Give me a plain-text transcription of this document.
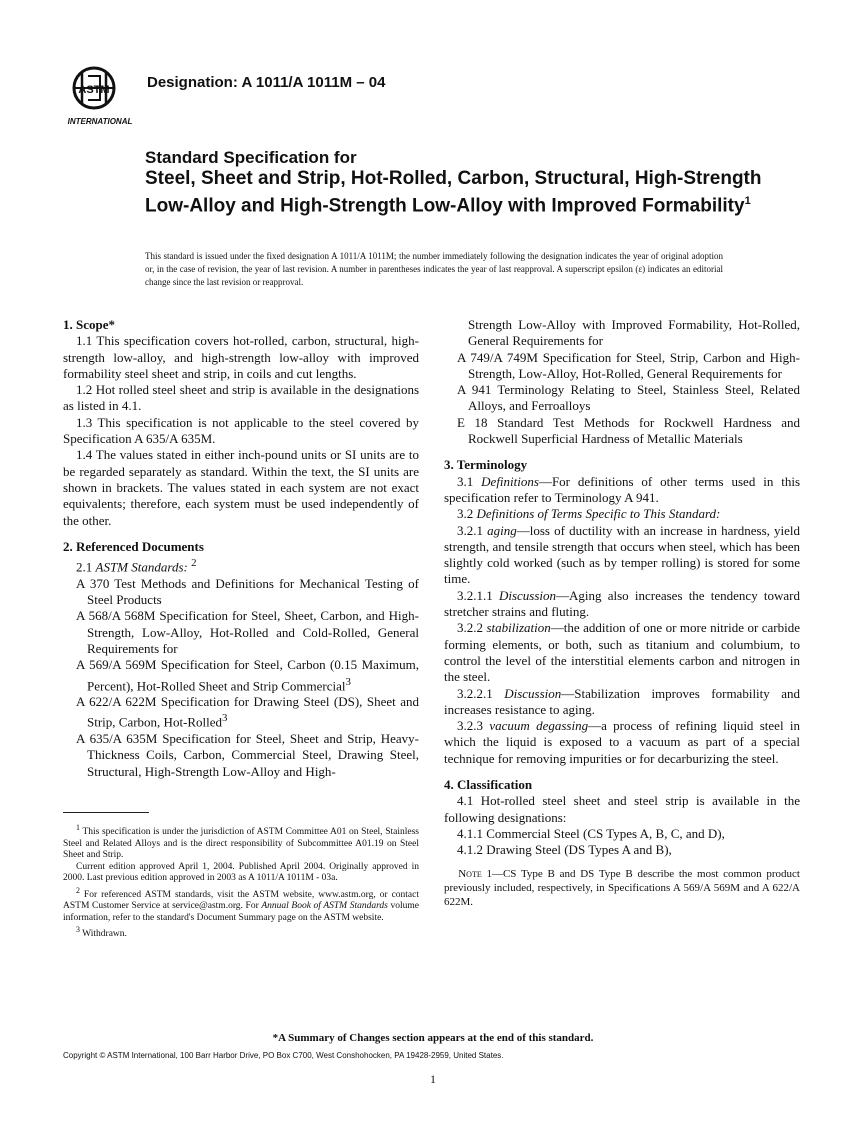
ASTM
INTERNATIONAL
Designation: A 1011/A 1011M – 04
Standard Specification for
Steel, Sheet and Strip, Hot-Rolled, Carbon, Structural, High-Strength Low-Alloy and High-Strength Low-Alloy with Improved Formability$^1$
This standard is issued under the fixed designation A 1011/A 1011M; the number immediately following the designation indicates the year of original adoption or, in the case of revision, the year of last revision. A number in parentheses indicates the year of last reapproval. A superscript epsilon (ε) indicates an editorial change since the last revision or reapproval.

1. Scope*

1.1 This specification covers hot-rolled, carbon, structural, high-strength low-alloy, and high-strength low-alloy with improved formability steel sheet and strip, in coils and cut lengths.

1.2 Hot rolled steel sheet and strip is available in the designations as listed in 4.1.

1.3 This specification is not applicable to the steel covered by Specification A 635/A 635M.

1.4 The values stated in either inch-pound units or SI units are to be regarded separately as standard. Within the text, the SI units are shown in brackets. The values stated in each system are not exact equivalents; therefore, each system must be used independently of the other.

2. Referenced Documents

2.1 ASTM Standards: $^2$

A 370 Test Methods and Definitions for Mechanical Testing of Steel Products

A 568/A 568M Specification for Steel, Sheet, Carbon, and High-Strength, Low-Alloy, Hot-Rolled and Cold-Rolled, General Requirements for

A 569/A 569M Specification for Steel, Carbon (0.15 Maximum, Percent), Hot-Rolled Sheet and Strip Commercial$^3$

A 622/A 622M Specification for Drawing Steel (DS), Sheet and Strip, Carbon, Hot-Rolled$^3$

A 635/A 635M Specification for Steel, Sheet and Strip, Heavy-Thickness Coils, Carbon, Commercial Steel, Drawing Steel, Structural, High-Strength Low-Alloy and High-

Strength Low-Alloy with Improved Formability, Hot-Rolled, General Requirements for

A 749/A 749M Specification for Steel, Strip, Carbon and High-Strength, Low-Alloy, Hot-Rolled, General Requirements for

A 941 Terminology Relating to Steel, Stainless Steel, Related Alloys, and Ferroalloys

E 18 Standard Test Methods for Rockwell Hardness and Rockwell Superficial Hardness of Metallic Materials

3. Terminology

3.1 Definitions—For definitions of other terms used in this specification refer to Terminology A 941.

3.2 Definitions of Terms Specific to This Standard:

3.2.1 aging—loss of ductility with an increase in hardness, yield strength, and tensile strength that occurs when steel, which has been slightly cold worked (such as by temper rolling) is stored for some time.

3.2.1.1 Discussion—Aging also increases the tendency toward stretcher strains and fluting.

3.2.2 stabilization—the addition of one or more nitride or carbide forming elements, or both, such as titanium and columbium, to control the level of the interstitial elements carbon and nitrogen in the steel.

3.2.2.1 Discussion—Stabilization improves formability and increases resistance to aging.

3.2.3 vacuum degassing—a process of refining liquid steel in which the liquid is exposed to a vacuum as part of a special technique for removing impurities or for decarburizing the steel.

4. Classification

4.1 Hot-rolled steel sheet and steel strip is available in the following designations:

4.1.1 Commercial Steel (CS Types A, B, C, and D),

4.1.2 Drawing Steel (DS Types A and B),

Note 1—CS Type B and DS Type B describe the most common product previously included, respectively, in Specifications A 569/A 569M and A 622/A 622M.

$^1$ This specification is under the jurisdiction of ASTM Committee A01 on Steel, Stainless Steel and Related Alloys and is the direct responsibility of Subcommittee A01.19 on Steel Sheet and Strip.

Current edition approved April 1, 2004. Published April 2004. Originally approved in 2000. Last previous edition approved in 2003 as A 1011/A 1011M - 03a.

$^2$ For referenced ASTM standards, visit the ASTM website, www.astm.org, or contact ASTM Customer Service at service@astm.org. For Annual Book of ASTM Standards volume information, refer to the standard's Document Summary page on the ASTM website.

$^3$ Withdrawn.

*A Summary of Changes section appears at the end of this standard.
Copyright © ASTM International, 100 Barr Harbor Drive, PO Box C700, West Conshohocken, PA 19428-2959, United States.
1
